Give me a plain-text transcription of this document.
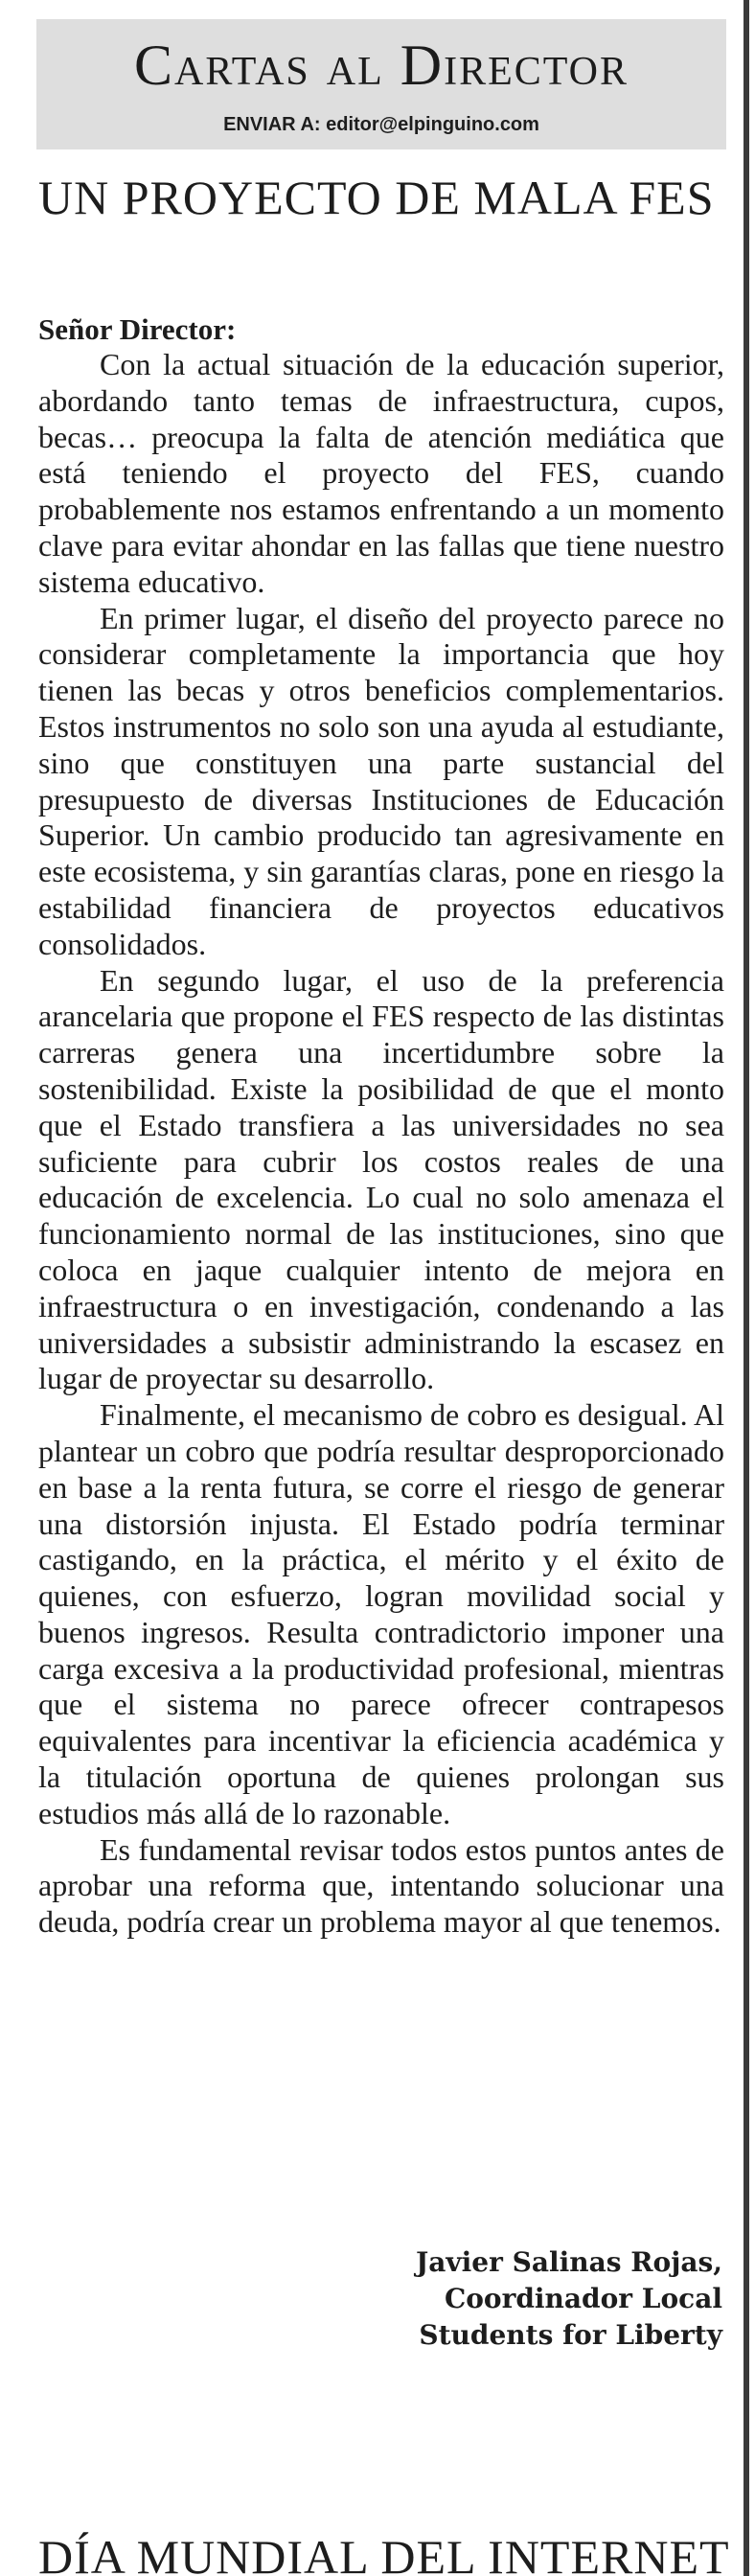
Cartas al Director
ENVIAR A: editor@elpinguino.com
UN PROYECTO DE MALA FES
Señor Director:

Con la actual situación de la educación superior, abordando tanto temas de infraestructura, cupos, becas… preocupa la falta de atención mediática que está teniendo el proyecto del FES, cuando probablemente nos estamos enfrentando a un momento clave para evitar ahondar en las fallas que tiene nuestro sistema educativo.

En primer lugar, el diseño del proyecto parece no considerar completamente la importancia que hoy tienen las becas y otros beneficios complementarios. Estos instrumentos no solo son una ayuda al estudiante, sino que constituyen una parte sustancial del presupuesto de diversas Instituciones de Educación Superior. Un cambio producido tan agresivamente en este ecosistema, y sin garantías claras, pone en riesgo la estabilidad financiera de proyectos educativos consolidados.

En segundo lugar, el uso de la preferencia arancelaria que propone el FES respecto de las distintas carreras genera una incertidumbre sobre la sostenibilidad. Existe la posibilidad de que el monto que el Estado transfiera a las universidades no sea suficiente para cubrir los costos reales de una educación de excelencia. Lo cual no solo amenaza el funcionamiento normal de las instituciones, sino que coloca en jaque cualquier intento de mejora en infraestructura o en investigación, condenando a las universidades a subsistir administrando la escasez en lugar de proyectar su desarrollo.

Finalmente, el mecanismo de cobro es desigual. Al plantear un cobro que podría resultar desproporcionado en base a la renta futura, se corre el riesgo de generar una distorsión injusta. El Estado podría terminar castigando, en la práctica, el mérito y el éxito de quienes, con esfuerzo, logran movilidad social y buenos ingresos. Resulta contradictorio imponer una carga excesiva a la productividad profesional, mientras que el sistema no parece ofrecer contrapesos equivalentes para incentivar la eficiencia académica y la titulación oportuna de quienes prolongan sus estudios más allá de lo razonable.

Es fundamental revisar todos estos puntos antes de aprobar una reforma que, intentando solucionar una deuda, podría crear un problema mayor al que tenemos.

Javier Salinas Rojas,
Coordinador Local
Students for Liberty
DÍA MUNDIAL DEL INTERNET
